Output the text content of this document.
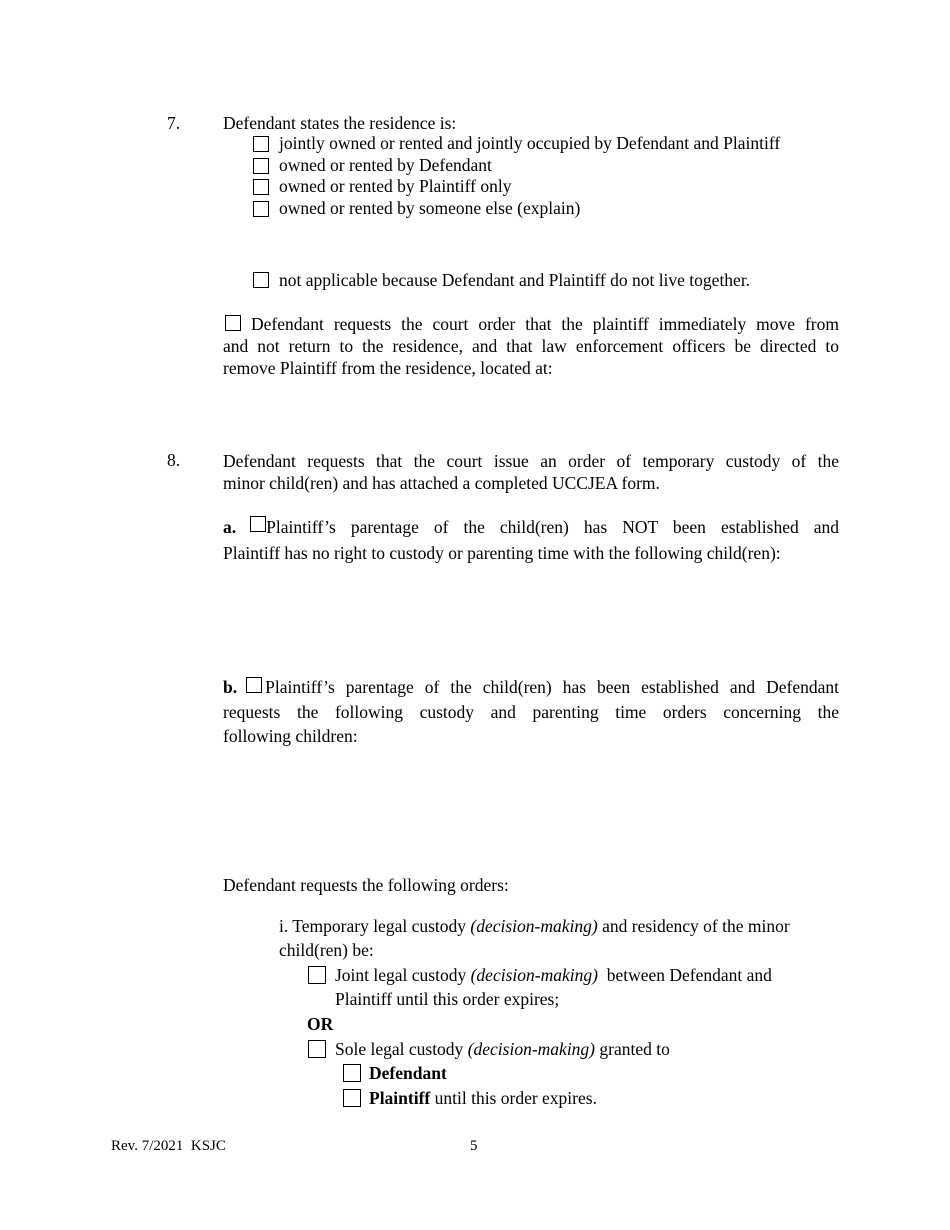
7. Defendant states the residence is:
jointly owned or rented and jointly occupied by Defendant and Plaintiff
owned or rented by Defendant
owned or rented by Plaintiff only
owned or rented by someone else (explain)
not applicable because Defendant and Plaintiff do not live together.
Defendant requests the court order that the plaintiff immediately move from
and not return to the residence, and that law enforcement officers be directed to
remove Plaintiff from the residence, located at:
8. Defendant requests that the court issue an order of temporary custody of the
minor child(ren) and has attached a completed UCCJEA form.
a. Plaintiff’s parentage of the child(ren) has NOT been established and
Plaintiff has no right to custody or parenting time with the following child(ren):
b. Plaintiff’s parentage of the child(ren) has been established and Defendant
requests the following custody and parenting time orders concerning the
following children:
Defendant requests the following orders:
i. Temporary legal custody (decision-making) and residency of the minor
child(ren) be:
Joint legal custody (decision-making)  between Defendant and
Plaintiff until this order expires;
OR
Sole legal custody (decision-making) granted to
Defendant
Plaintiff until this order expires.
Rev. 7/2021  KSJC	5
